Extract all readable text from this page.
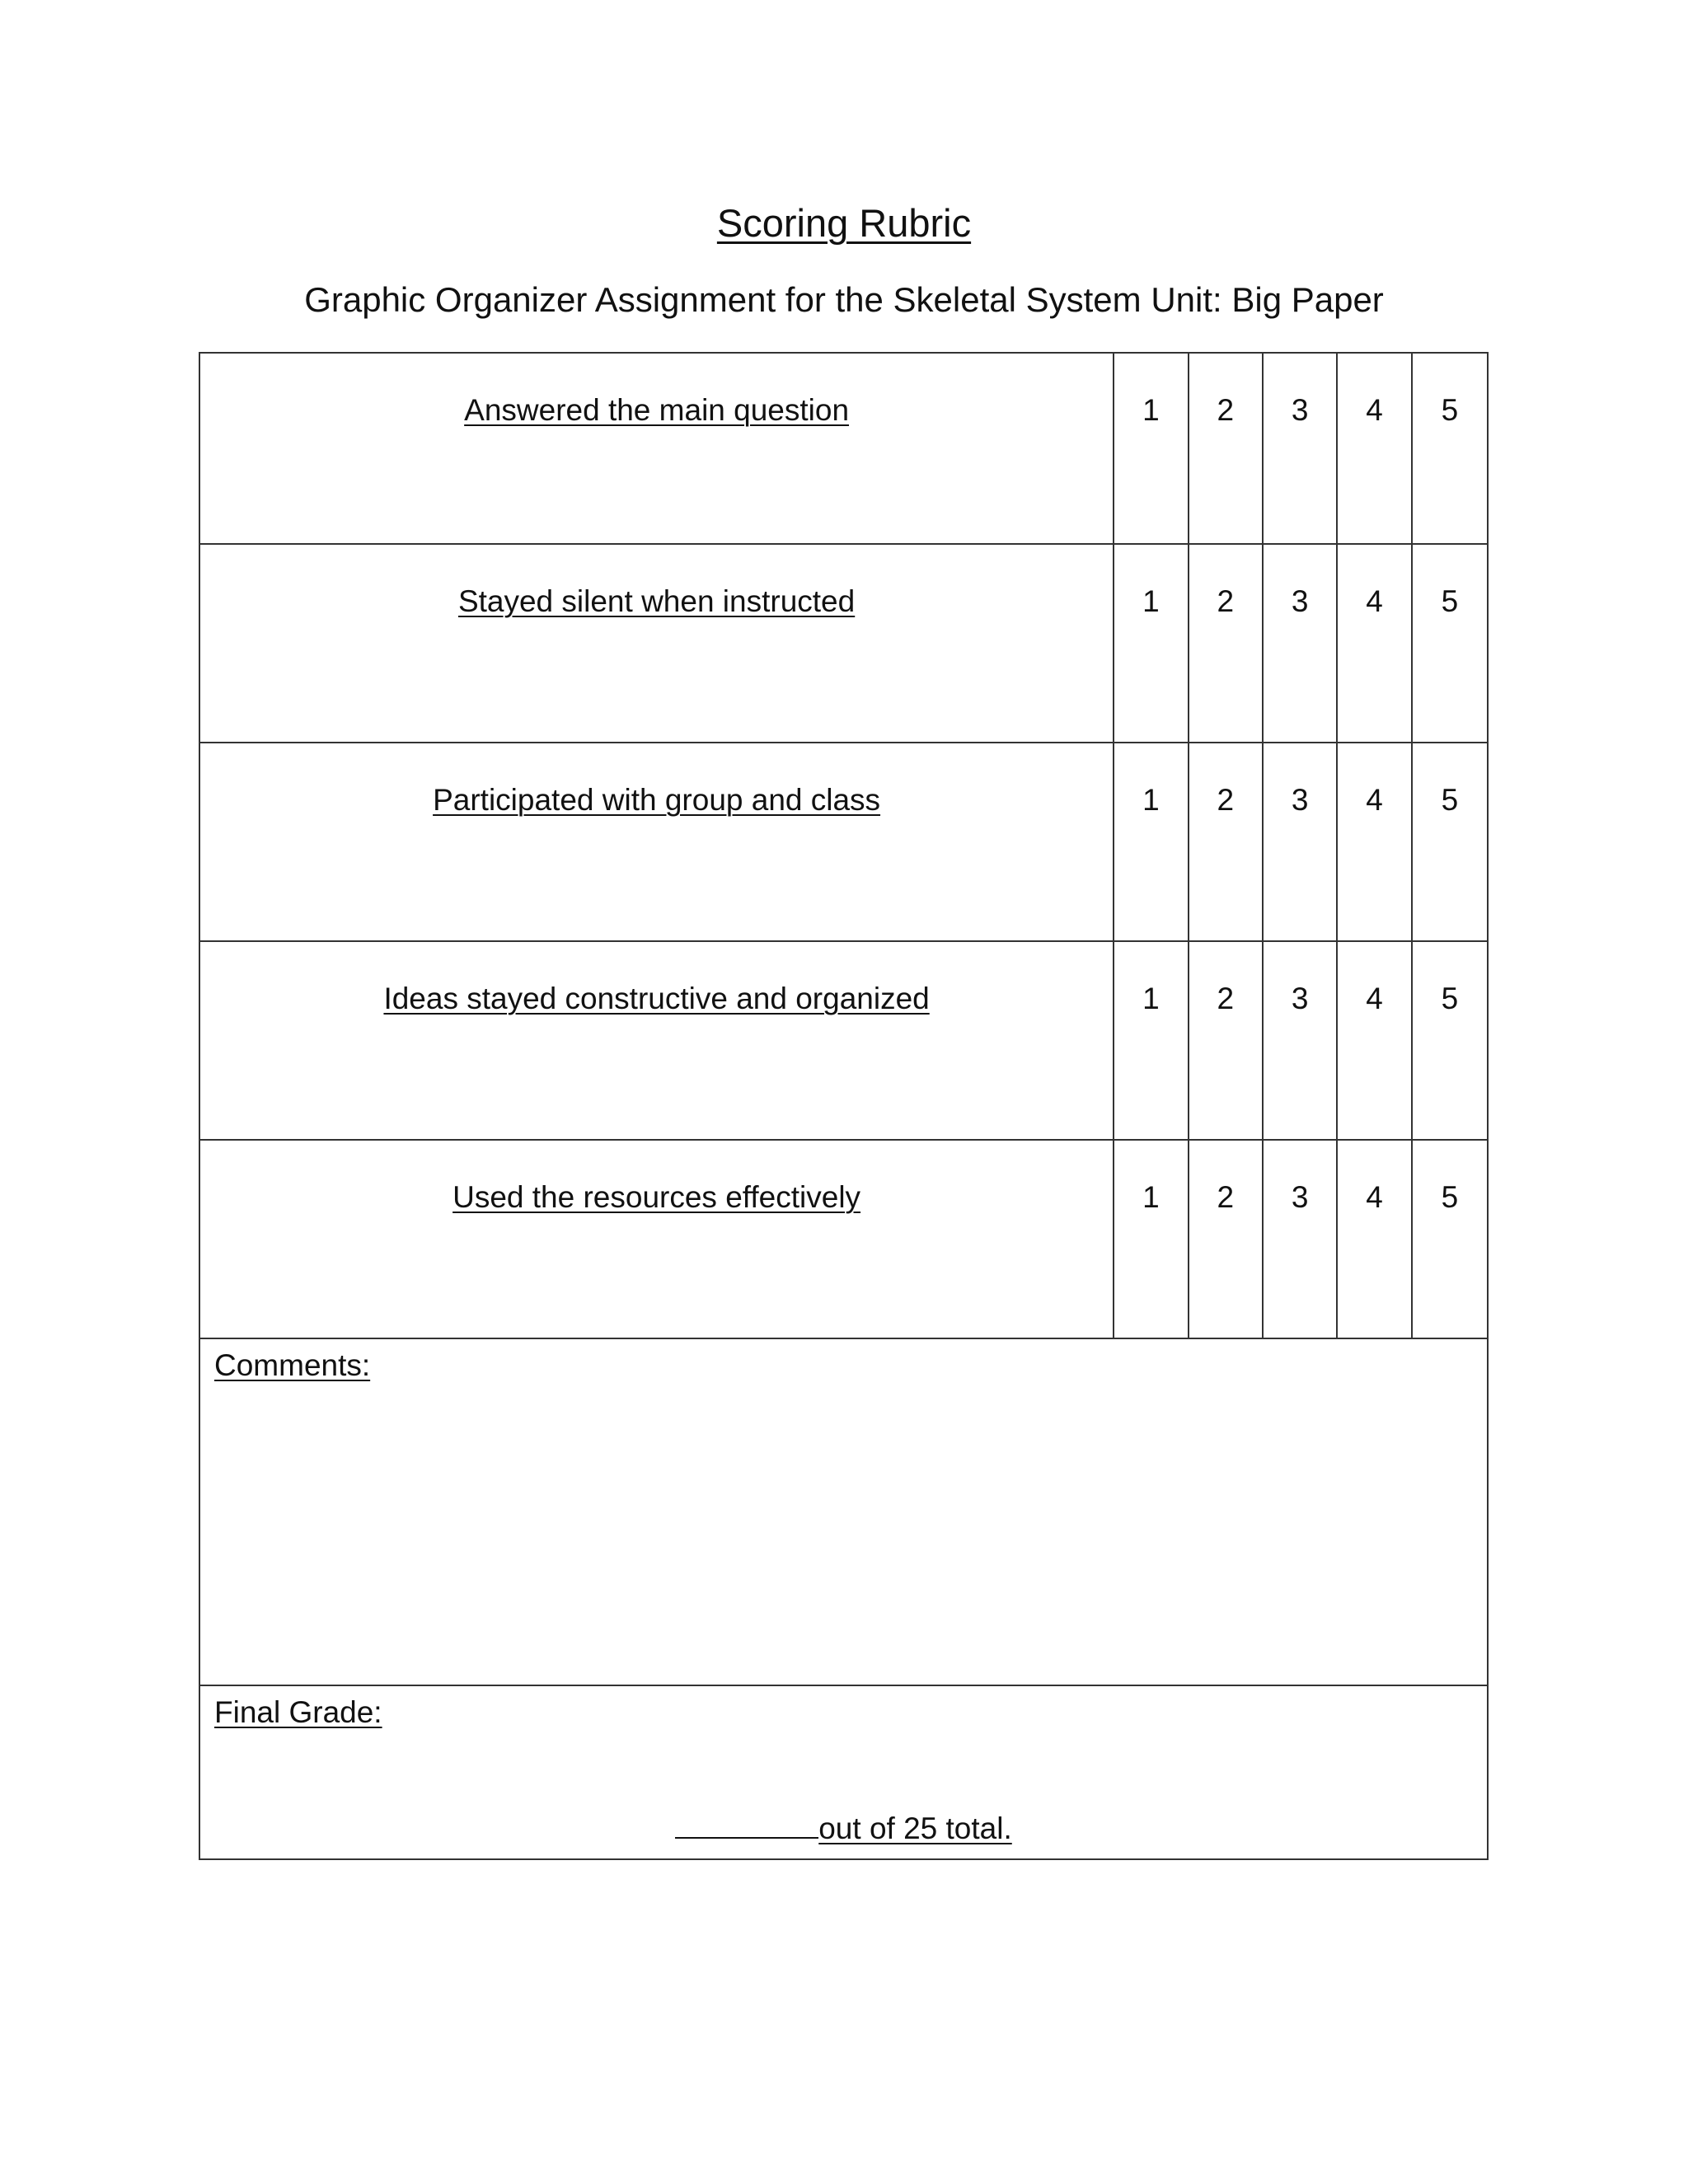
Scoring Rubric
Graphic Organizer Assignment for the Skeletal System Unit: Big Paper
Answered the main question	1	2	3	4	5
Stayed silent when instructed	1	2	3	4	5
Participated with group and class	1	2	3	4	5
Ideas stayed constructive and organized	1	2	3	4	5
Used the resources effectively	1	2	3	4	5
Comments:
Final Grade:
out of 25 total.
